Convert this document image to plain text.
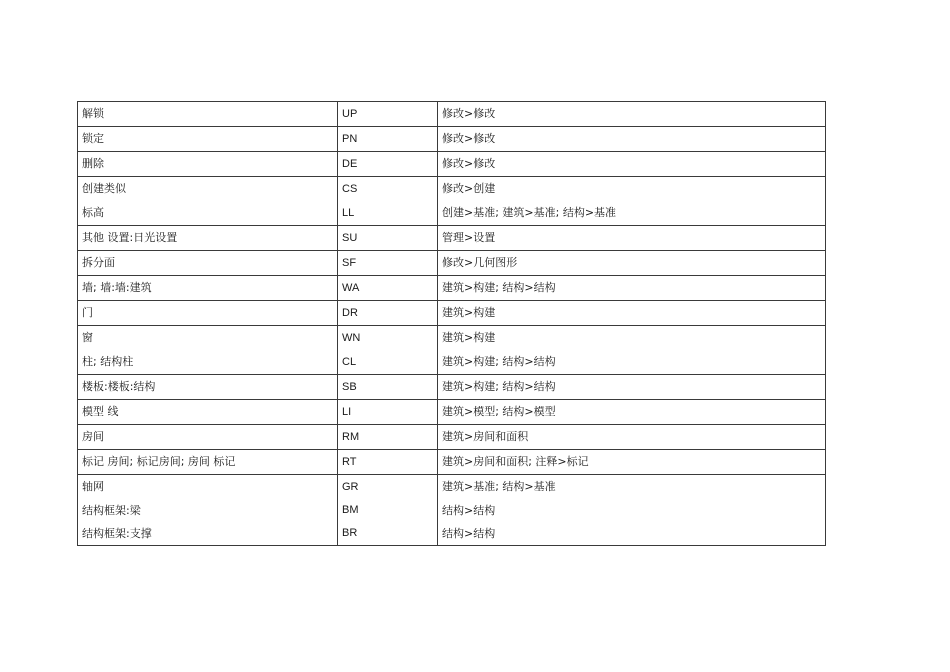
解锁	UP	修改>修改
锁定	PN	修改>修改
删除	DE	修改>修改
创建类似	CS	修改>创建
标高	LL	创建>基准; 建筑>基准; 结构>基准
其他 设置:日光设置	SU	管理>设置
拆分面	SF	修改>几何图形
墙; 墙:墙:建筑	WA	建筑>构建; 结构>结构
门	DR	建筑>构建
窗	WN	建筑>构建
柱; 结构柱	CL	建筑>构建; 结构>结构
楼板:楼板:结构	SB	建筑>构建; 结构>结构
模型 线	LI	建筑>模型; 结构>模型
房间	RM	建筑>房间和面积
标记 房间; 标记房间; 房间 标记	RT	建筑>房间和面积; 注释>标记
轴网	GR	建筑>基准; 结构>基准
结构框架:梁	BM	结构>结构
结构框架:支撑	BR	结构>结构
